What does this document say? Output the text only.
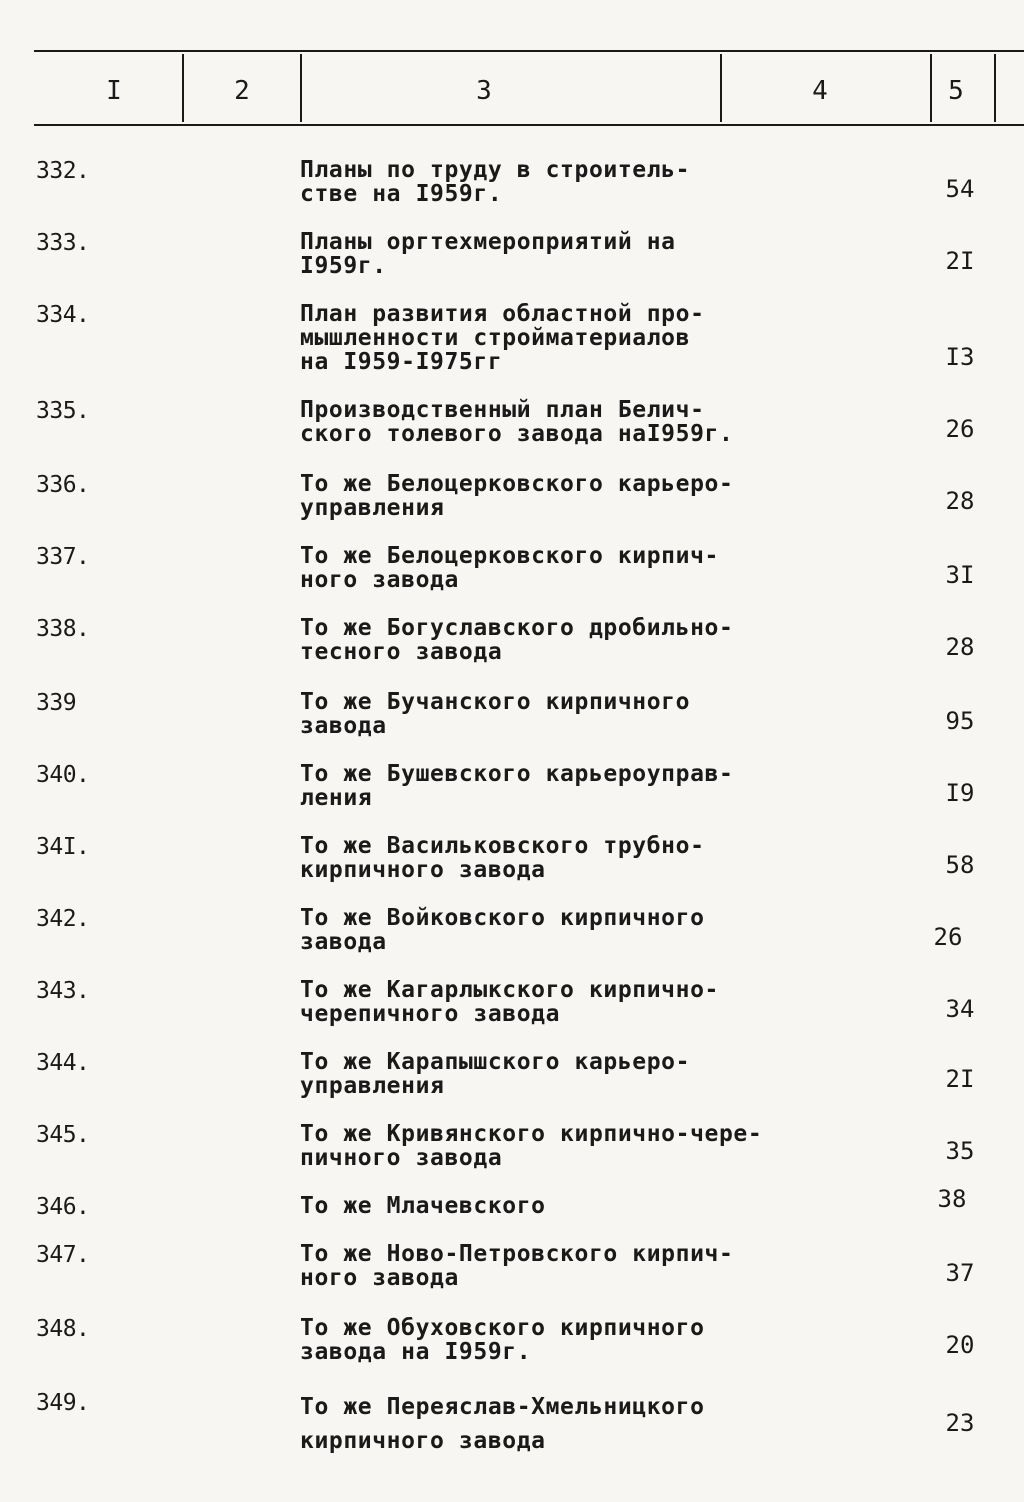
I	2	3	4	5
332.	Планы по труду в строитель-
стве на I959г.	54
333.	Планы оргтехмероприятий на
I959г.	2I
334.	План развития областной про-
мышленности стройматериалов
на I959-I975гг	I3
335.	Производственный план Белич-
ского толевого завода наI959г.	26
336.	То же Белоцерковского карьеро-
управления	28
337.	То же Белоцерковского кирпич-
ного завода	3I
338.	То же Богуславского дробильно-
тесного завода	28
339	То же Бучанского кирпичного
завода	95
340.	То же Бушевского карьероуправ-
ления	I9
34I.	То же Васильковского трубно-
кирпичного завода	58
342.	То же Войковского кирпичного
завода	26
343.	То же Кагарлыкского кирпично-
черепичного завода	34
344.	То же Карапышского карьеро-
управления	2I
345.	То же Кривянского кирпично-чере-
пичного завода	35
346.	То же Млачевского	38
347.	То же Ново-Петровского кирпич-
ного завода	37
348.	То же Обуховского кирпичного
завода на I959г.	20
349.	То же Переяслав-Хмельницкого
кирпичного завода
23
